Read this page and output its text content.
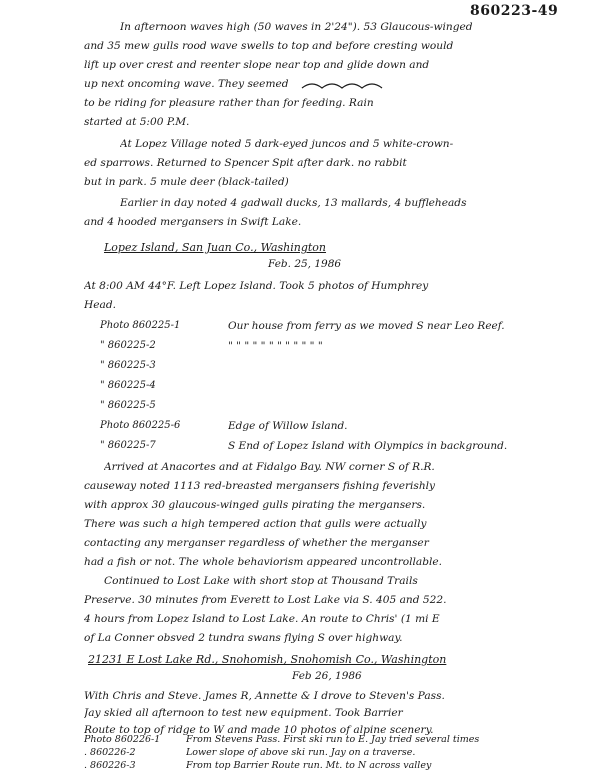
860223-49
In afternoon waves high (50 waves in 2'24"). 53 Glaucous-winged
and 35 mew gulls rood wave swells to top and before cresting would
lift up over crest and reenter slope near top and glide down and
up next oncoming wave. They seemed
to be riding for pleasure rather than for feeding. Rain
started at 5:00 P.M.
At Lopez Village noted 5 dark-eyed juncos and 5 white-crown-
ed sparrows. Returned to Spencer Spit after dark. no rabbit
but in park. 5 mule deer (black-tailed)
Earlier in day noted 4 gadwall ducks, 13 mallards, 4 buffleheads
and 4 hooded mergansers in Swift Lake.
Lopez Island, San Juan Co., Washington
Feb. 25, 1986
At 8:00 AM 44°F. Left Lopez Island. Took 5 photos of Humphrey
Head.
Photo 860225-1	Our house from ferry as we moved S near Leo Reef.
" 860225-2	" " " " " " " " " " " "
" 860225-3
" 860225-4
" 860225-5
Photo 860225-6	Edge of Willow Island.
" 860225-7	S End of Lopez Island with Olympics in background.
Arrived at Anacortes and at Fidalgo Bay. NW corner S of R.R.
causeway noted 1113 red-breasted mergansers fishing feverishly
with approx 30 glaucous-winged gulls pirating the mergansers.
There was such a high tempered action that gulls were actually
contacting any merganser regardless of whether the merganser
had a fish or not. The whole behaviorism appeared uncontrollable.
Continued to Lost Lake with short stop at Thousand Trails
Preserve. 30 minutes from Everett to Lost Lake via S. 405 and 522.
4 hours from Lopez Island to Lost Lake. An route to Chris' (1 mi E
of La Conner obsved 2 tundra swans flying S over highway.
21231 E Lost Lake Rd., Snohomish, Snohomish Co., Washington
Feb 26, 1986
With Chris and Steve. James R, Annette & I drove to Steven's Pass.
Jay skied all afternoon to test new equipment. Took Barrier
Route to top of ridge to W and made 10 photos of alpine scenery.
Photo 860226-1	From Stevens Pass. First ski run to E. Jay tried several times
. 860226-2	Lower slope of above ski run. Jay on a traverse.
. 860226-3	From top Barrier Route run. Mt. to N across valley
